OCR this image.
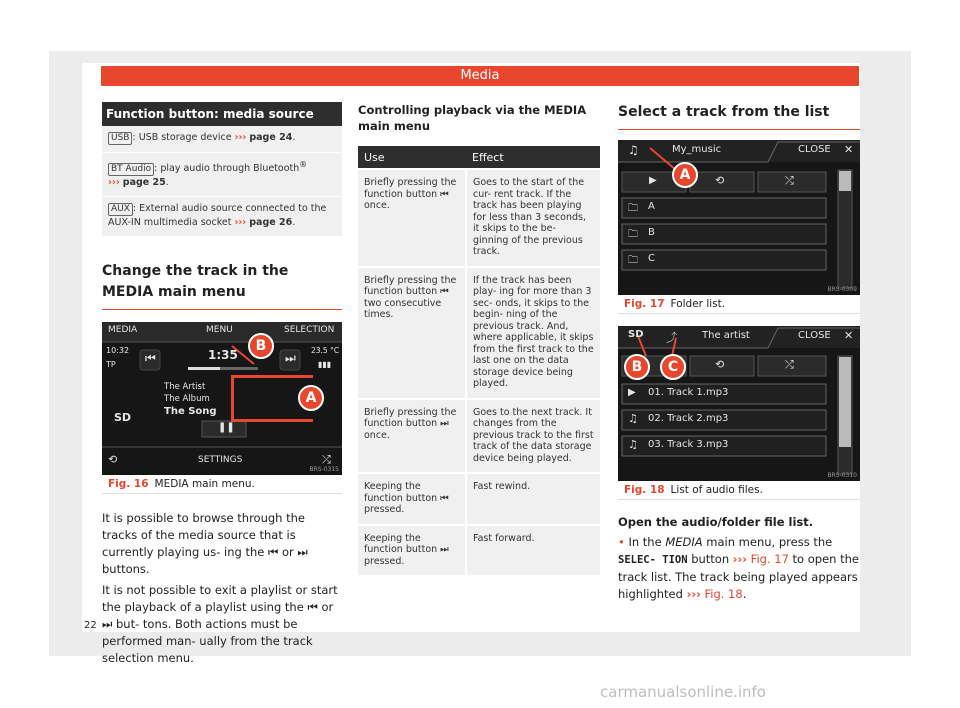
Media
Function button: media source
USB : USB storage device ››› page 24.
BT Audio : play audio through Bluetooth®
››› page 25.
AUX : External audio source connected to the AUX-IN multimedia socket ››› page 26.
Change the track in the MEDIA main menu
MEDIA	MENU	SELECTION
10:32
TP ⏮	1:35	⏭
23.5 °C
▮▮▮
SD
The Artist
The Album
The Song
❚❚
⟲	SETTINGS	⤮
B
A
BRS-0315
Fig. 16 MEDIA main menu.

It is possible to browse through the tracks of the media source that is currently playing us- ing the ⏮ or ⏭ buttons.

It is not possible to exit a playlist or start the playback of a playlist using the ⏮ or ⏭ but- tons. Both actions must be performed man- ually from the track selection menu.

Controlling playback via the MEDIA main menu
Use	Effect
Briefly pressing the function button ⏮ once.	Goes to the start of the cur- rent track. If the track has been playing for less than 3 seconds, it skips to the be- ginning of the previous track.
Briefly pressing the function button ⏮ two consecutive times.	If the track has been play- ing for more than 3 sec- onds, it skips to the begin- ning of the previous track. And, where applicable, it skips from the first track to the last one on the data storage device being played.
Briefly pressing the function button ⏭ once.	Goes to the next track. It changes from the previous track to the first track of the data storage device being played.
Keeping the function button ⏮ pressed.	Fast rewind.
Keeping the function button ⏭ pressed.	Fast forward.
Select a track from the list
♫	My_music	CLOSE ✕
▶	⟲	⤮
🗀 A
🗀 B
🗀 C
A
BRS-0309
Fig. 17 Folder list.
SD ⤴	The artist	CLOSE ✕
⟲	⤮
▶ 01. Track 1.mp3
♫ 02. Track 2.mp3
♫ 03. Track 3.mp3
B	C
BRS-0310
Fig. 18 List of audio files.
Open the audio/folder file list.

• In the MEDIA main menu, press the SELEC- TION button ››› Fig. 17 to open the track list. The track being played appears highlighted ››› Fig. 18.

22
carmanualsonline.info
